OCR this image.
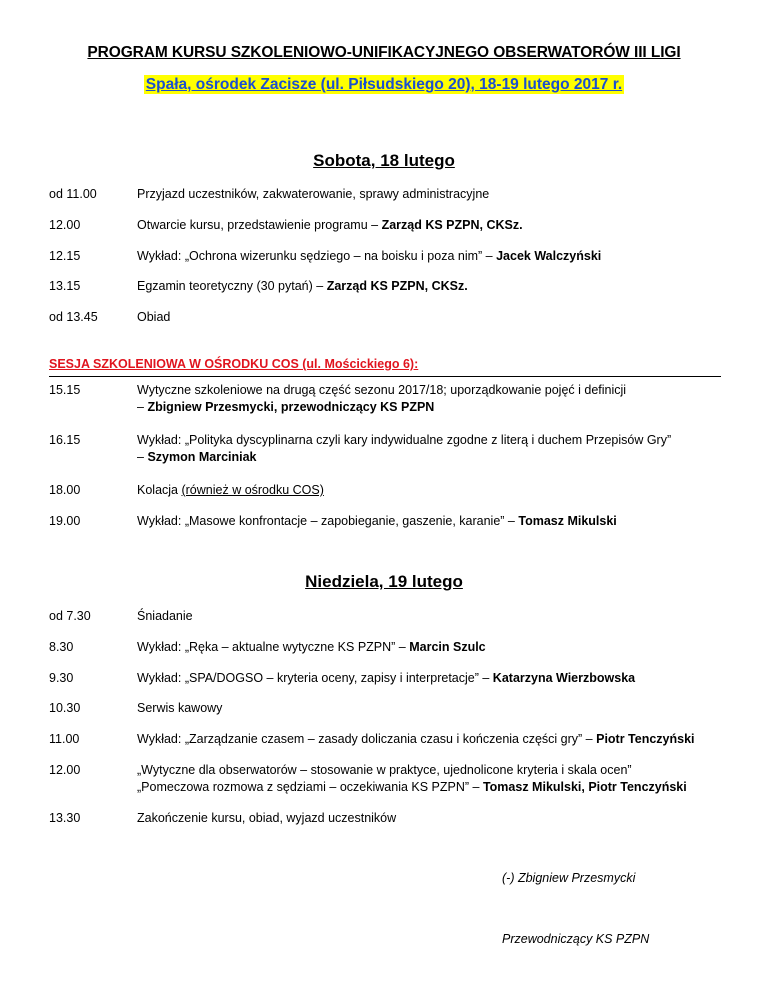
PROGRAM KURSU SZKOLENIOWO-UNIFIKACYJNEGO OBSERWATORÓW III LIGI
Spała, ośrodek Zacisze (ul. Piłsudskiego 20), 18-19 lutego 2017 r.
Sobota, 18 lutego
od 11.00	Przyjazd uczestników, zakwaterowanie, sprawy administracyjne
12.00	Otwarcie kursu, przedstawienie programu – Zarząd KS PZPN, CKSz.
12.15	Wykład: „Ochrona wizerunku sędziego – na boisku i poza nim” – Jacek Walczyński
13.15	Egzamin teoretyczny (30 pytań) – Zarząd KS PZPN, CKSz.
od 13.45	Obiad
SESJA SZKOLENIOWA W OŚRODKU COS (ul. Mościckiego 6):
15.15	Wytyczne szkoleniowe na drugą część sezonu 2017/18; uporządkowanie pojęć i definicji
– Zbigniew Przesmycki, przewodniczący KS PZPN
16.15	Wykład: „Polityka dyscyplinarna czyli kary indywidualne zgodne z literą i duchem Przepisów Gry”
– Szymon Marciniak
18.00	Kolacja (również w ośrodku COS)
19.00	Wykład: „Masowe konfrontacje – zapobieganie, gaszenie, karanie” – Tomasz Mikulski
Niedziela, 19 lutego
od 7.30	Śniadanie
8.30	Wykład: „Ręka – aktualne wytyczne KS PZPN” – Marcin Szulc
9.30	Wykład: „SPA/DOGSO – kryteria oceny, zapisy i interpretacje” – Katarzyna Wierzbowska
10.30	Serwis kawowy
11.00	Wykład: „Zarządzanie czasem – zasady doliczania czasu i kończenia części gry” – Piotr Tenczyński
12.00	„Wytyczne dla obserwatorów – stosowanie w praktyce, ujednolicone kryteria i skala ocen”
„Pomeczowa rozmowa z sędziami – oczekiwania KS PZPN” – Tomasz Mikulski, Piotr Tenczyński
13.30	Zakończenie kursu, obiad, wyjazd uczestników
(-) Zbigniew Przesmycki
Przewodniczący KS PZPN
